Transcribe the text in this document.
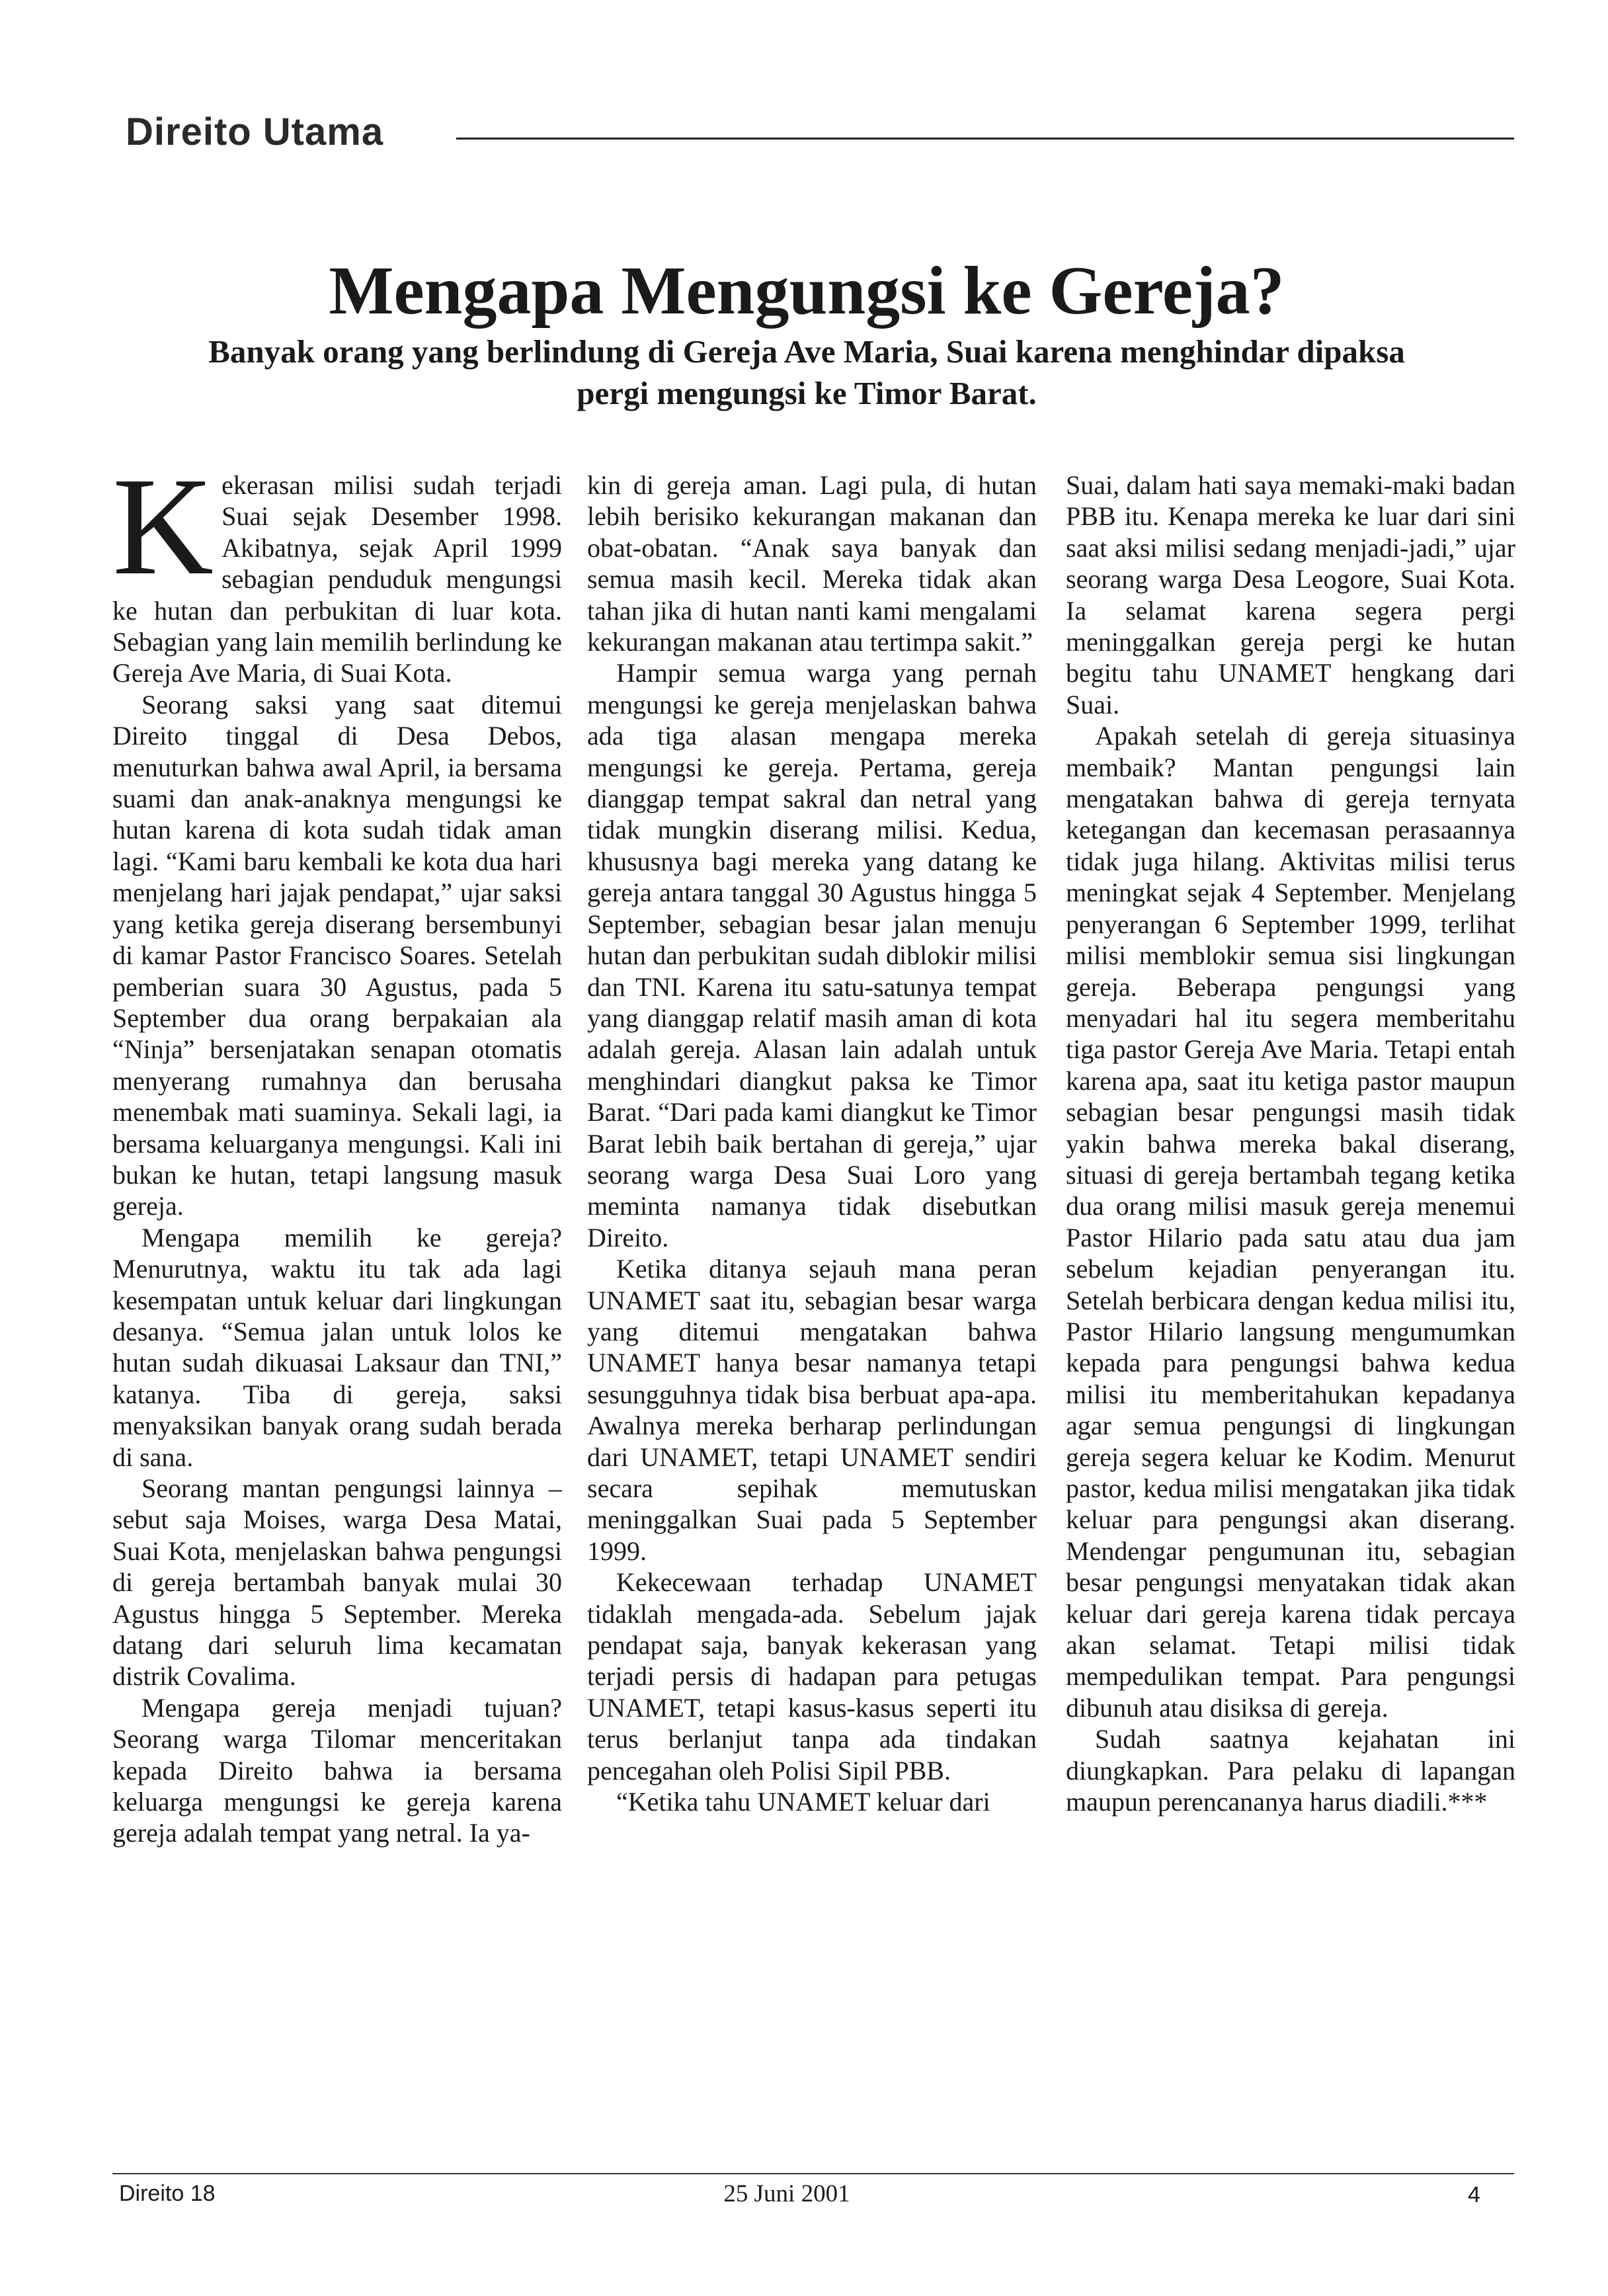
Direito Utama
Mengapa Mengungsi ke Gereja?
Banyak orang yang berlindung di Gereja Ave Maria, Suai karena menghindar dipaksa pergi mengungsi ke Timor Barat.

Kekerasan milisi sudah terjadi Suai sejak Desember 1998. Akibatnya, sejak April 1999 sebagian penduduk mengungsi ke hutan dan perbukitan di luar kota. Sebagian yang lain memilih berlindung ke Gereja Ave Maria, di Suai Kota.

Seorang saksi yang saat ditemui Direito tinggal di Desa Debos, menuturkan bahwa awal April, ia bersama suami dan anak-anaknya mengungsi ke hutan karena di kota sudah tidak aman lagi. “Kami baru kembali ke kota dua hari menjelang hari jajak pendapat,” ujar saksi yang ketika gereja diserang bersembunyi di kamar Pastor Francisco Soares. Setelah pemberian suara 30 Agustus, pada 5 September dua orang berpakaian ala “Ninja” bersenjatakan senapan otomatis menyerang rumahnya dan berusaha menembak mati suaminya. Sekali lagi, ia bersama keluarganya mengungsi. Kali ini bukan ke hutan, tetapi langsung masuk gereja.

Mengapa memilih ke gereja? Menurutnya, waktu itu tak ada lagi kesempatan untuk keluar dari lingkungan desanya. “Semua jalan untuk lolos ke hutan sudah dikuasai Laksaur dan TNI,” katanya. Tiba di gereja, saksi menyaksikan banyak orang sudah berada di sana.

Seorang mantan pengungsi lainnya – sebut saja Moises, warga Desa Matai, Suai Kota, menjelaskan bahwa pengungsi di gereja bertambah banyak mulai 30 Agustus hingga 5 September. Mereka datang dari seluruh lima kecamatan distrik Covalima.

Mengapa gereja menjadi tujuan? Seorang warga Tilomar menceritakan kepada Direito bahwa ia bersama keluarga mengungsi ke gereja karena gereja adalah tempat yang netral. Ia ya-

kin di gereja aman. Lagi pula, di hutan lebih berisiko kekurangan makanan dan obat-obatan. “Anak saya banyak dan semua masih kecil. Mereka tidak akan tahan jika di hutan nanti kami mengalami kekurangan makanan atau tertimpa sakit.”

Hampir semua warga yang pernah mengungsi ke gereja menjelaskan bahwa ada tiga alasan mengapa mereka mengungsi ke gereja. Pertama, gereja dianggap tempat sakral dan netral yang tidak mungkin diserang milisi. Kedua, khususnya bagi mereka yang datang ke gereja antara tanggal 30 Agustus hingga 5 September, sebagian besar jalan menuju hutan dan perbukitan sudah diblokir milisi dan TNI. Karena itu satu-satunya tempat yang dianggap relatif masih aman di kota adalah gereja. Alasan lain adalah untuk menghindari diangkut paksa ke Timor Barat. “Dari pada kami diangkut ke Timor Barat lebih baik bertahan di gereja,” ujar seorang warga Desa Suai Loro yang meminta namanya tidak disebutkan Direito.

Ketika ditanya sejauh mana peran UNAMET saat itu, sebagian besar warga yang ditemui mengatakan bahwa UNAMET hanya besar namanya tetapi sesungguhnya tidak bisa berbuat apa-apa. Awalnya mereka berharap perlindungan dari UNAMET, tetapi UNAMET sendiri secara sepihak memutuskan meninggalkan Suai pada 5 September 1999.

Kekecewaan terhadap UNAMET tidaklah mengada-ada. Sebelum jajak pendapat saja, banyak kekerasan yang terjadi persis di hadapan para petugas UNAMET, tetapi kasus-kasus seperti itu terus berlanjut tanpa ada tindakan pencegahan oleh Polisi Sipil PBB.

“Ketika tahu UNAMET keluar dari

Suai, dalam hati saya memaki-maki badan PBB itu. Kenapa mereka ke luar dari sini saat aksi milisi sedang menjadi-jadi,” ujar seorang warga Desa Leogore, Suai Kota. Ia selamat karena segera pergi meninggalkan gereja pergi ke hutan begitu tahu UNAMET hengkang dari Suai.

Apakah setelah di gereja situasinya membaik? Mantan pengungsi lain mengatakan bahwa di gereja ternyata ketegangan dan kecemasan perasaannya tidak juga hilang. Aktivitas milisi terus meningkat sejak 4 September. Menjelang penyerangan 6 September 1999, terlihat milisi memblokir semua sisi lingkungan gereja. Beberapa pengungsi yang menyadari hal itu segera memberitahu tiga pastor Gereja Ave Maria. Tetapi entah karena apa, saat itu ketiga pastor maupun sebagian besar pengungsi masih tidak yakin bahwa mereka bakal diserang, situasi di gereja bertambah tegang ketika dua orang milisi masuk gereja menemui Pastor Hilario pada satu atau dua jam sebelum kejadian penyerangan itu. Setelah berbicara dengan kedua milisi itu, Pastor Hilario langsung mengumumkan kepada para pengungsi bahwa kedua milisi itu memberitahukan kepadanya agar semua pengungsi di lingkungan gereja segera keluar ke Kodim. Menurut pastor, kedua milisi mengatakan jika tidak keluar para pengungsi akan diserang. Mendengar pengumunan itu, sebagian besar pengungsi menyatakan tidak akan keluar dari gereja karena tidak percaya akan selamat. Tetapi milisi tidak mempedulikan tempat. Para pengungsi dibunuh atau disiksa di gereja.

Sudah saatnya kejahatan ini diungkapkan. Para pelaku di lapangan maupun perencananya harus diadili.***

Direito 18	25 Juni 2001	4
